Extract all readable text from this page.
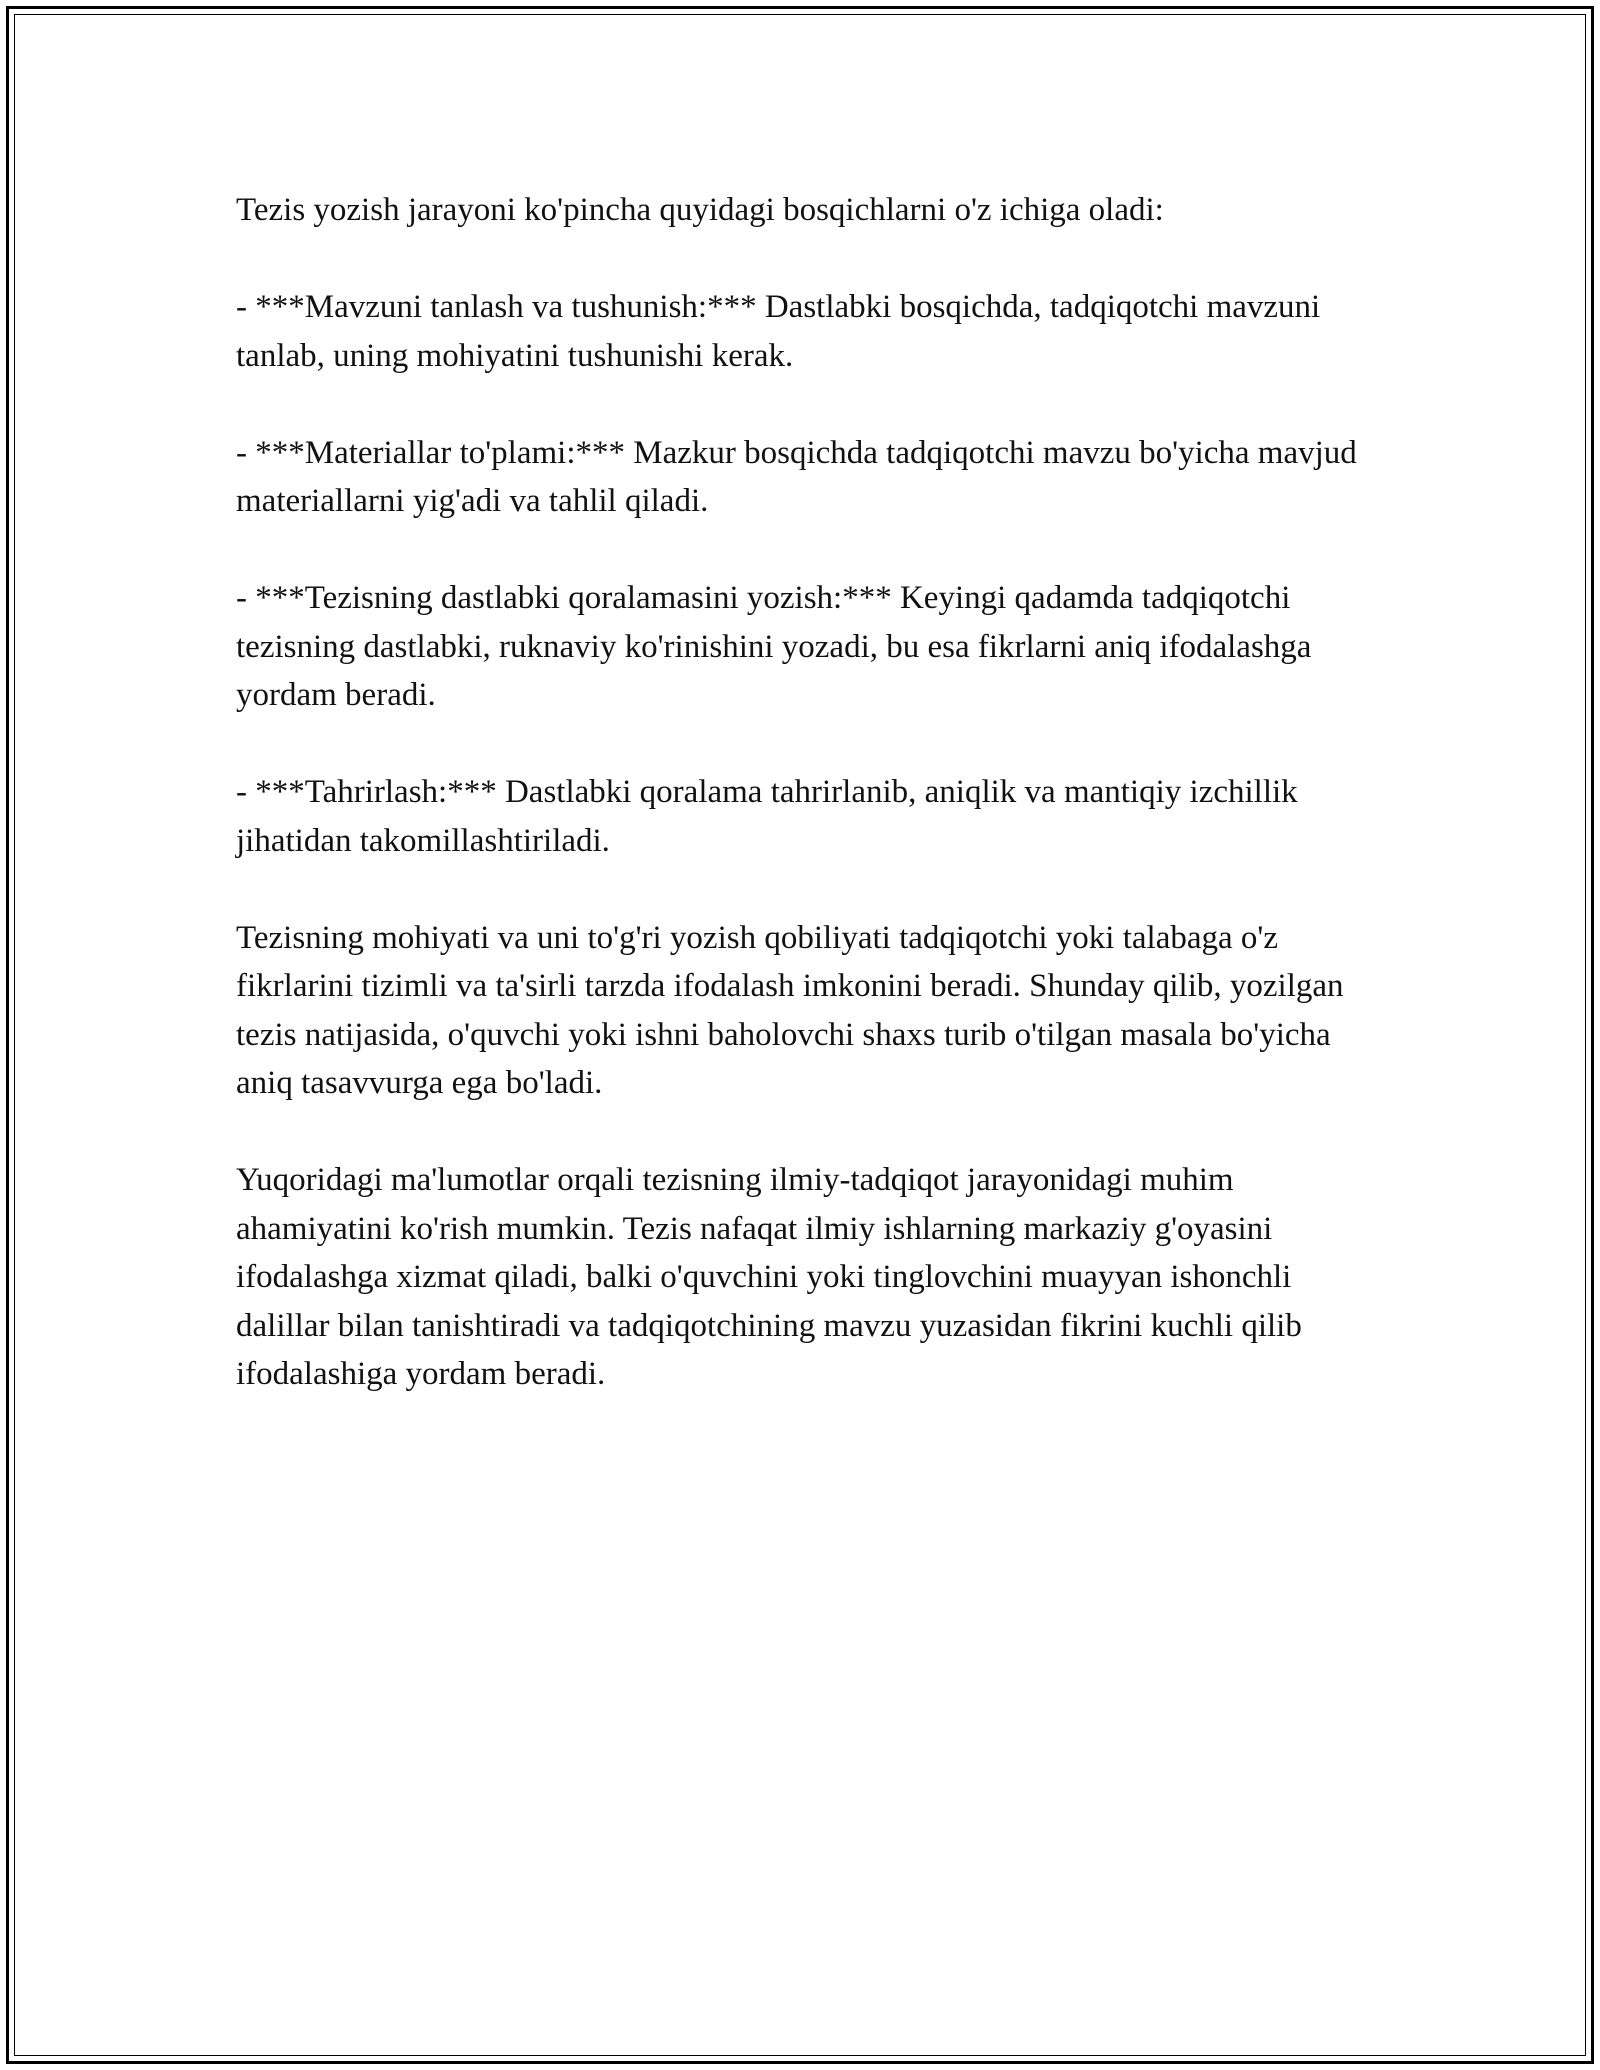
Tezis yozish jarayoni ko'pincha quyidagi bosqichlarni o'z ichiga oladi:

- ***Mavzuni tanlash va tushunish:*** Dastlabki bosqichda, tadqiqotchi mavzuni tanlab, uning mohiyatini tushunishi kerak.

- ***Materiallar to'plami:*** Mazkur bosqichda tadqiqotchi mavzu bo'yicha mavjud materiallarni yig'adi va tahlil qiladi.

- ***Tezisning dastlabki qoralamasini yozish:*** Keyingi qadamda tadqiqotchi tezisning dastlabki, ruknaviy ko'rinishini yozadi, bu esa fikrlarni aniq ifodalashga yordam beradi.

- ***Tahrirlash:*** Dastlabki qoralama tahrirlanib, aniqlik va mantiqiy izchillik jihatidan takomillashtiriladi.

Tezisning mohiyati va uni to'g'ri yozish qobiliyati tadqiqotchi yoki talabaga o'z fikrlarini tizimli va ta'sirli tarzda ifodalash imkonini beradi. Shunday qilib, yozilgan tezis natijasida, o'quvchi yoki ishni baholovchi shaxs turib o'tilgan masala bo'yicha aniq tasavvurga ega bo'ladi.

Yuqoridagi ma'lumotlar orqali tezisning ilmiy-tadqiqot jarayonidagi muhim ahamiyatini ko'rish mumkin. Tezis nafaqat ilmiy ishlarning markaziy g'oyasini ifodalashga xizmat qiladi, balki o'quvchini yoki tinglovchini muayyan ishonchli dalillar bilan tanishtiradi va tadqiqotchining mavzu yuzasidan fikrini kuchli qilib ifodalashiga yordam beradi.
